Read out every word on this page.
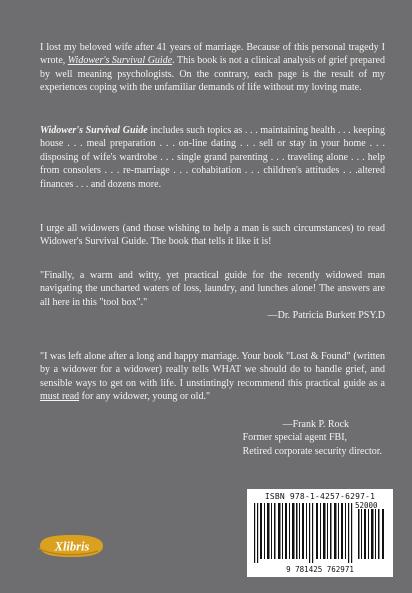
I lost my beloved wife after 41 years of marriage. Because of this personal tragedy I wrote, Widower's Survival Guide. This book is not a clinical analysis of grief prepared by well meaning psychologists. On the contrary, each page is the result of my experiences coping with the unfamiliar demands of life without my loving mate.

Widower's Survival Guide includes such topics as . . . maintaining health . . . keeping house . . . meal preparation . . . on-line dating . . . sell or stay in your home . . . disposing of wife's wardrobe . . . single grand parenting . . . traveling alone . . . help from consolers . . . re-marriage . . . cohabitation . . . children's attitudes . . .altered finances . . . and dozens more.

I urge all widowers (and those wishing to help a man is such circumstances) to read Widower's Survival Guide. The book that tells it like it is!

"Finally, a warm and witty, yet practical guide for the recently widowed man navigating the uncharted waters of loss, laundry, and lunches alone! The answers are all here in this "tool box"."

—Dr. Patricia Burkett PSY.D

"I was left alone after a long and happy marriage. Your book "Lost & Found" (written by a widower for a widower) really tells WHAT we should do to handle grief, and sensible ways to get on with life. I unstintingly recommend this practical guide as a must read for any widower, young or old."

—Frank P. Rock
Former special agent FBI,
Retired corporate security director.
ISBN 978-1-4257-6297-1
52000
9 781425 762971
Xlibris
